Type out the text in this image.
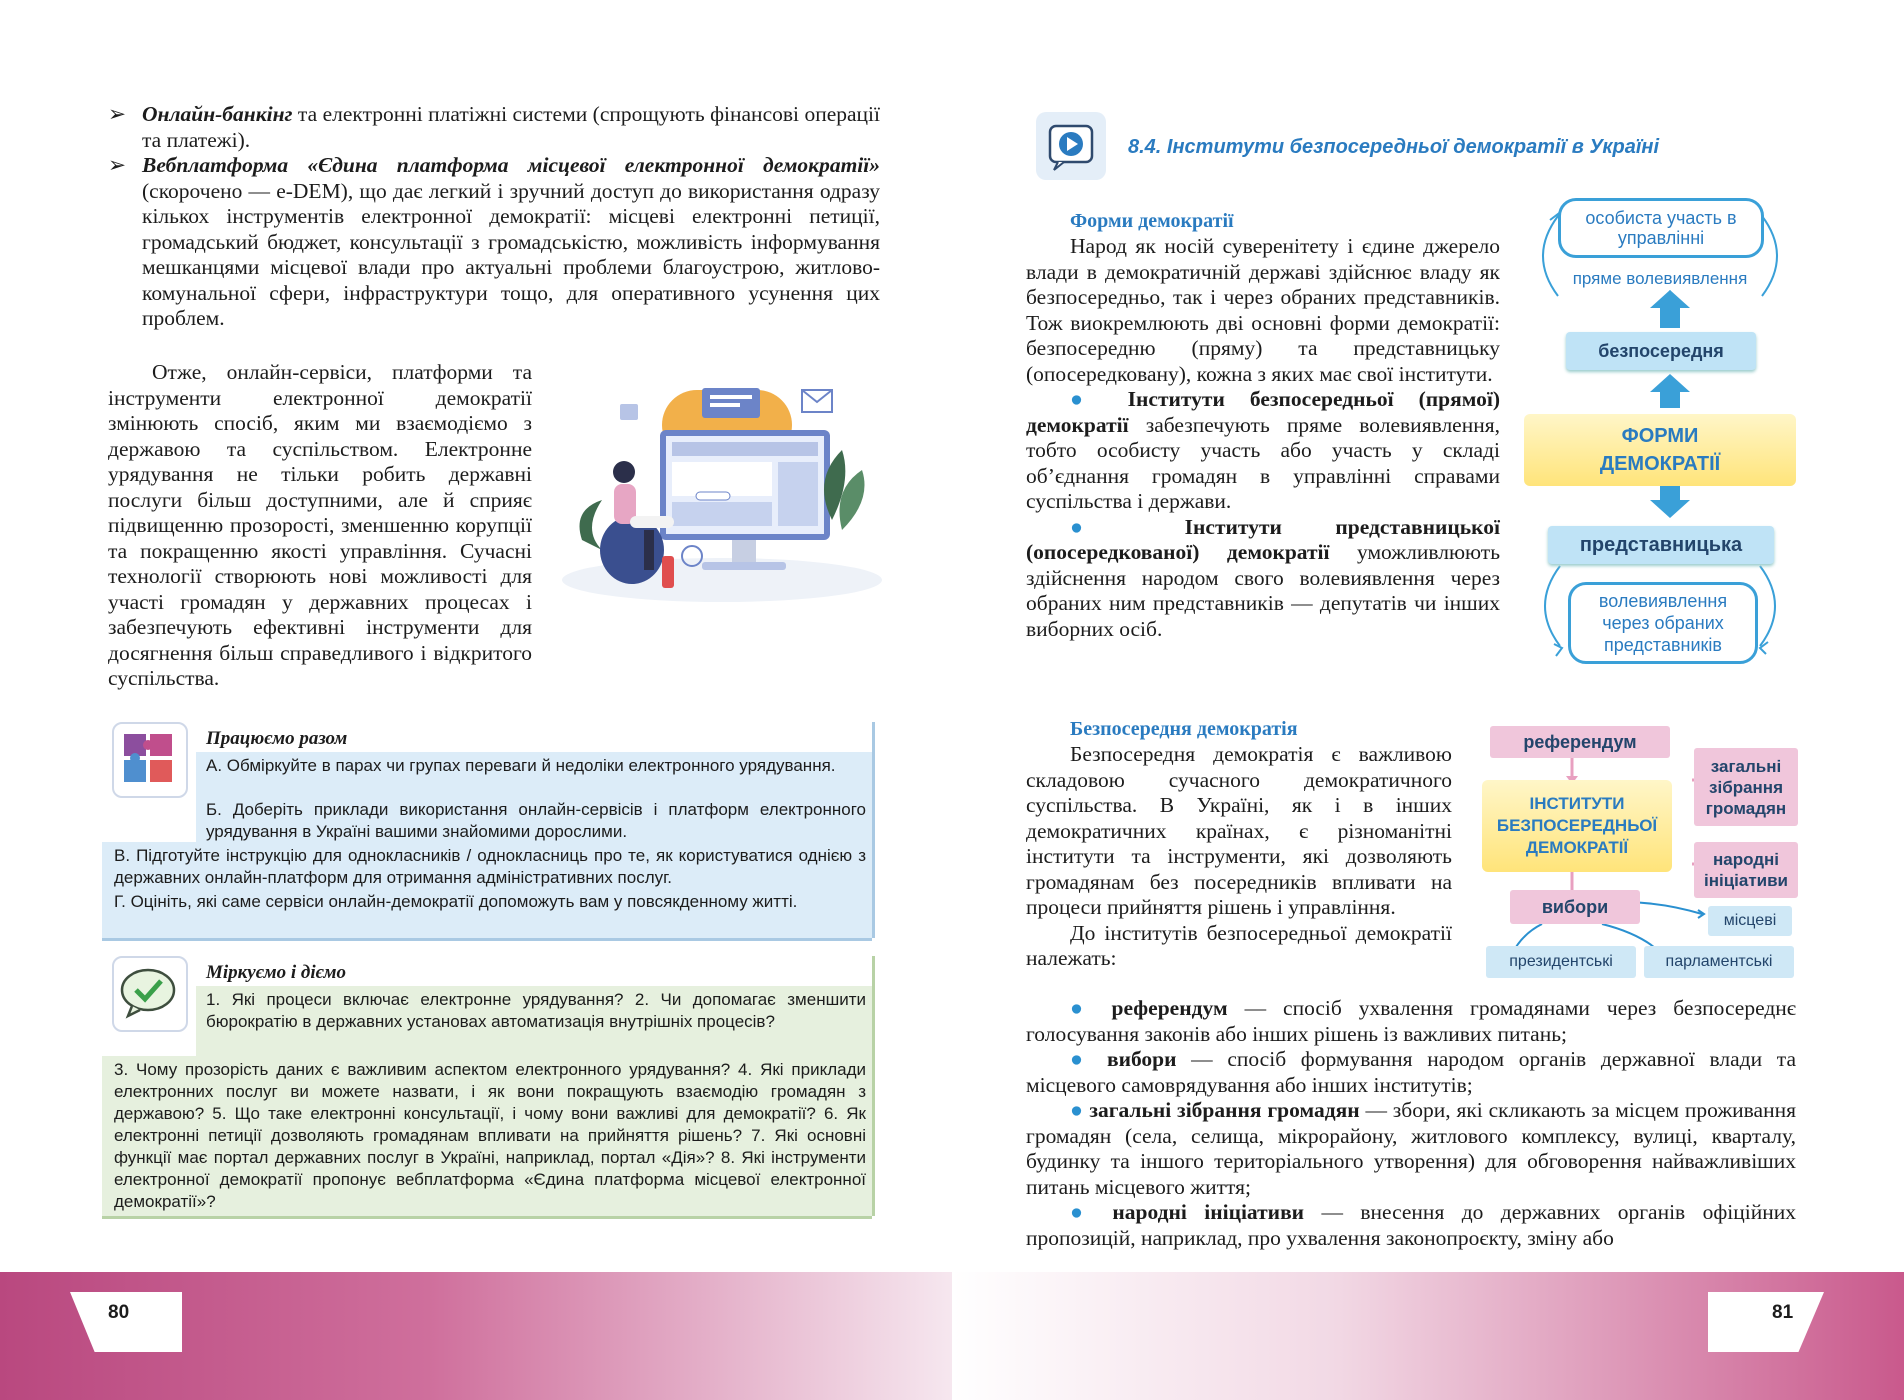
➢ Онлайн-банкінг та електронні платіжні системи (спрощують фінансові операції та платежі).

➢ Вебплатформа «Єдина платформа місцевої електронної демократії» (скорочено — e-DEM), що дає легкий і зручний доступ до використання одразу кількох інструментів електронної демократії: місцеві електронні петиції, громадський бюджет, консультації з громадськістю, можливість інформування мешканцями місцевої влади про актуальні проблеми благоустрою, житлово-комунальної сфери, інфраструктури тощо, для оперативного усунення цих проблем.

Отже, онлайн-сервіси, платформи та інструменти електронної демократії змінюють спосіб, яким ми взаємодіємо з державою та суспільством. Електронне урядування не тільки робить державні послуги більш доступними, але й сприяє підвищенню прозорості, зменшенню корупції та покращенню якості управління. Сучасні технології створюють нові можливості для участі громадян у державних процесах і забезпечують ефективні інструменти для досягнення більш справедливого і відкритого суспільства.

Працюємо разом
А. Обміркуйте в парах чи групах переваги й недоліки електронного урядування.
Б. Доберіть приклади використання онлайн-сервісів і платформ електронного урядування в Україні вашими знайомими дорослими.
В. Підготуйте інструкцію для однокласників / однокласниць про те, як користуватися однією з державних онлайн-платформ для отримання адміністративних послуг.
Г. Оцініть, які саме сервіси онлайн-демократії допоможуть вам у повсякденному житті.
Міркуємо і діємо
1. Які процеси включає електронне урядування? 2. Чи допомагає зменшити бюрократію в державних установах автоматизація внутрішніх процесів?
3. Чому прозорість даних є важливим аспектом електронного урядування? 4. Які приклади електронних послуг ви можете назвати, і як вони покращують взаємодію громадян з державою? 5. Що таке електронні консультації, і чому вони важливі для демократії? 6. Як електронні петиції дозволяють громадянам впливати на прийняття рішень? 7. Які основні функції має портал державних послуг в Україні, наприклад, портал «Дія»? 8. Які інструменти електронної демократії пропонує вебплатформа «Єдина платформа місцевої електронної демократії»?
8.4. Інститути безпосередньої демократії в Україні
Форми демократії

Народ як носій суверенітету і єдине джерело влади в демократичній державі здійснює владу як безпосередньо, так і через обраних представників. Тож виокремлюють дві основні форми демократії: безпосередню (пряму) та представницьку (опосередковану), кожна з яких має свої інститути.

● Інститути безпосередньої (прямої) демократії забезпечують пряме волевиявлення, тобто особисту участь або участь у складі об’єднання громадян в управлінні справами суспільства і держави.

● Інститути представницької (опосередкованої) демократії уможливлюють здійснення народом свого волевиявлення через обраних ним представників — депутатів чи інших виборних осіб.

особиста участь в управлінні
пряме волевиявлення
безпосередня
ФОРМИ ДЕМОКРАТІЇ
представницька
волевиявлення через обраних представників
Безпосередня демократія

Безпосередня демократія є важливою складовою сучасного демократичного суспільства. В Україні, як і в інших демократичних країнах, є різноманітні інститути та інструменти, які дозволяють громадянам без посередників впливати на процеси прийняття рішень і управління.

До інститутів безпосередньої демократії належать:

референдум
загальні зібрання громадян
ІНСТИТУТИ БЕЗПОСЕРЕДНЬОЇ ДЕМОКРАТІЇ
народні ініціативи
вибори
місцеві
президентські	парламентські

● референдум — спосіб ухвалення громадянами через безпосереднє голосування законів або інших рішень із важливих питань;

● вибори — спосіб формування народом органів державної влади та місцевого самоврядування або інших інститутів;

● загальні зібрання громадян — збори, які скликають за місцем проживання громадян (села, селища, мікрорайону, житлового комплексу, вулиці, кварталу, будинку та іншого територіального утворення) для обговорення найважливіших питань місцевого життя;

● народні ініціативи — внесення до державних органів офіційних пропозицій, наприклад, про ухвалення законопроєкту, зміну або

80	81
